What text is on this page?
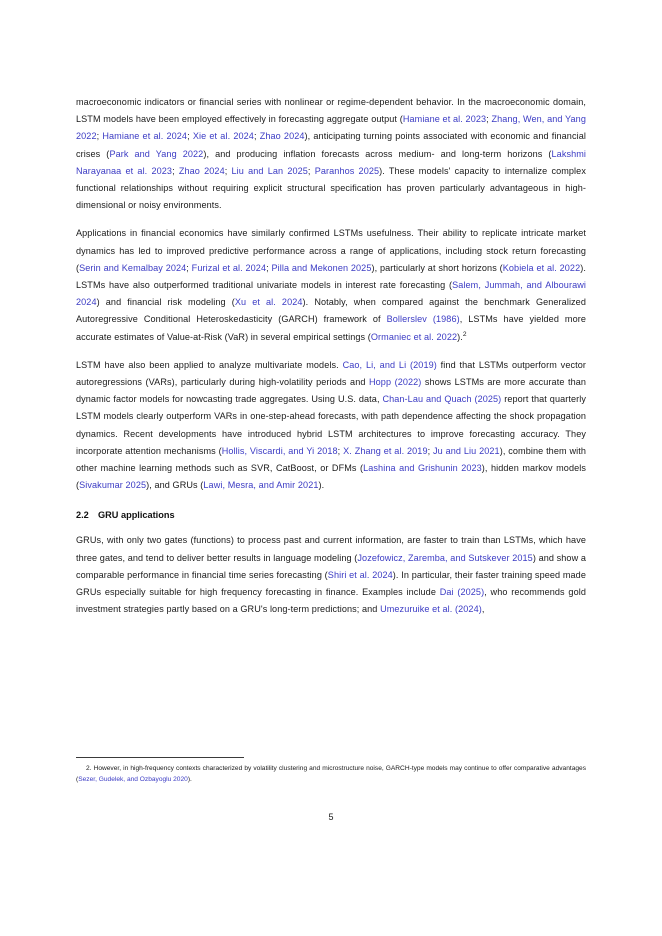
macroeconomic indicators or financial series with nonlinear or regime-dependent behavior. In the macroeconomic domain, LSTM models have been employed effectively in forecasting aggregate output (Hamiane et al. 2023; Zhang, Wen, and Yang 2022; Hamiane et al. 2024; Xie et al. 2024; Zhao 2024), anticipating turning points associated with economic and financial crises (Park and Yang 2022), and producing inflation forecasts across medium- and long-term horizons (Lakshmi Narayanaa et al. 2023; Zhao 2024; Liu and Lan 2025; Paranhos 2025). These models' capacity to internalize complex functional relationships without requiring explicit structural specification has proven particularly advantageous in high-dimensional or noisy environments.

Applications in financial economics have similarly confirmed LSTMs usefulness. Their ability to replicate intricate market dynamics has led to improved predictive performance across a range of applications, including stock return forecasting (Serin and Kemalbay 2024; Furizal et al. 2024; Pilla and Mekonen 2025), particularly at short horizons (Kobiela et al. 2022). LSTMs have also outperformed traditional univariate models in interest rate forecasting (Salem, Jummah, and Albourawi 2024) and financial risk modeling (Xu et al. 2024). Notably, when compared against the benchmark Generalized Autoregressive Conditional Heteroskedasticity (GARCH) framework of Bollerslev (1986), LSTMs have yielded more accurate estimates of Value-at-Risk (VaR) in several empirical settings (Ormaniec et al. 2022).$^2$

LSTM have also been applied to analyze multivariate models. Cao, Li, and Li (2019) find that LSTMs outperform vector autoregressions (VARs), particularly during high-volatility periods and Hopp (2022) shows LSTMs are more accurate than dynamic factor models for nowcasting trade aggregates. Using U.S. data, Chan-Lau and Quach (2025) report that quarterly LSTM models clearly outperform VARs in one-step-ahead forecasts, with path dependence affecting the shock propagation dynamics. Recent developments have introduced hybrid LSTM architectures to improve forecasting accuracy. They incorporate attention mechanisms (Hollis, Viscardi, and Yi 2018; X. Zhang et al. 2019; Ju and Liu 2021), combine them with other machine learning methods such as SVR, CatBoost, or DFMs (Lashina and Grishunin 2023), hidden markov models (Sivakumar 2025), and GRUs (Lawi, Mesra, and Amir 2021).

2.2 GRU applications

GRUs, with only two gates (functions) to process past and current information, are faster to train than LSTMs, which have three gates, and tend to deliver better results in language modeling (Jozefowicz, Zaremba, and Sutskever 2015) and show a comparable performance in financial time series forecasting (Shiri et al. 2024). In particular, their faster training speed made GRUs especially suitable for high frequency forecasting in finance. Examples include Dai (2025), who recommends gold investment strategies partly based on a GRU's long-term predictions; and Umezuruike et al. (2024),

2. However, in high-frequency contexts characterized by volatility clustering and microstructure noise, GARCH-type models may continue to offer comparative advantages (Sezer, Gudelek, and Ozbayoglu 2020).

5
